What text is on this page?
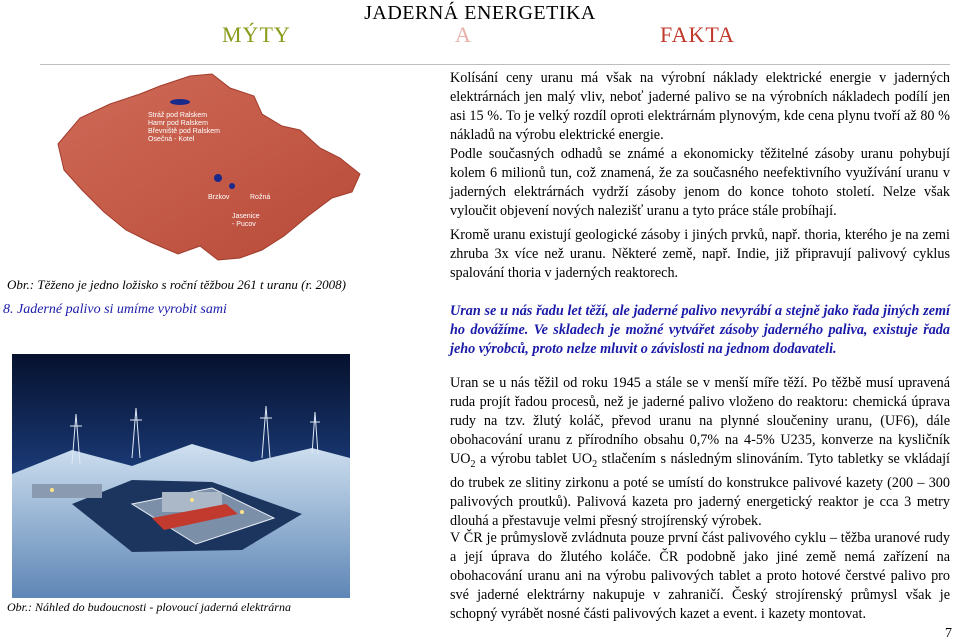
JADERNÁ ENERGETIKA
MÝTY	A	FAKTA
Stráž pod Ralskem
Hamr pod Ralskem
Břevniště pod Ralskem
Osečná - Kotel
Brzkov	Rožná
Jasenice
- Pucov
Obr.: Těženo je jedno ložisko s roční těžbou 261 t uranu (r. 2008)
8. Jaderné palivo si umíme vyrobit sami
Obr.: Náhled do budoucnosti - plovoucí jaderná elektrárna
Kolísání ceny uranu má však na výrobní náklady elektrické energie v jaderných elektrárnách jen malý vliv, neboť jaderné palivo se na výrobních nákladech podílí jen asi 15 %. To je velký rozdíl oproti elektrárnám plynovým, kde cena plynu tvoří až 80 % nákladů na výrobu elektrické energie.
Podle současných odhadů se známé a ekonomicky těžitelné zásoby uranu pohybují kolem 6 milionů tun, což znamená, že za současného neefektivního využívání uranu v jaderných elektrárnách vydrží zásoby jenom do konce tohoto století. Nelze však vyloučit objevení nových nalezišť uranu a tyto práce stále probíhají.
Kromě uranu existují geologické zásoby i jiných prvků, např. thoria, kterého je na zemi zhruba 3x více než uranu. Některé země, např. Indie, již připravují palivový cyklus spalování thoria v jaderných reaktorech.
Uran se u nás řadu let těží, ale jaderné palivo nevyrábí a stejně jako řada jiných zemí ho dovážíme. Ve skladech je možné vytvářet zásoby jaderného paliva, existuje řada jeho výrobců, proto nelze mluvit o závislosti na jednom dodavateli.
Uran se u nás těžil od roku 1945 a stále se v menší míře těží. Po těžbě musí upravená ruda projít řadou procesů, než je jaderné palivo vloženo do reaktoru: chemická úprava rudy na tzv. žlutý koláč, převod uranu na plynné sloučeniny uranu, (UF6), dále obohacování uranu z přírodního obsahu 0,7% na 4-5% U235, konverze na kysličník $UO_2$ a výrobu tablet $UO_2$ stlačením s následným slinováním. Tyto tabletky se vkládají do trubek ze slitiny zirkonu a poté se umístí do konstrukce palivové kazety (200 – 300 palivových proutků). Palivová kazeta pro jaderný energetický reaktor je cca 3 metry dlouhá a přestavuje velmi přesný strojírenský výrobek.
V ČR je průmyslově zvládnuta pouze první část palivového cyklu – těžba uranové rudy a její úprava do žlutého koláče. ČR podobně jako jiné země nemá zařízení na obohacování uranu ani na výrobu palivových tablet a proto hotové čerstvé palivo pro své jaderné elektrárny nakupuje v zahraničí. Český strojírenský průmysl však je schopný vyrábět nosné části palivových kazet a event. i kazety montovat.
7
